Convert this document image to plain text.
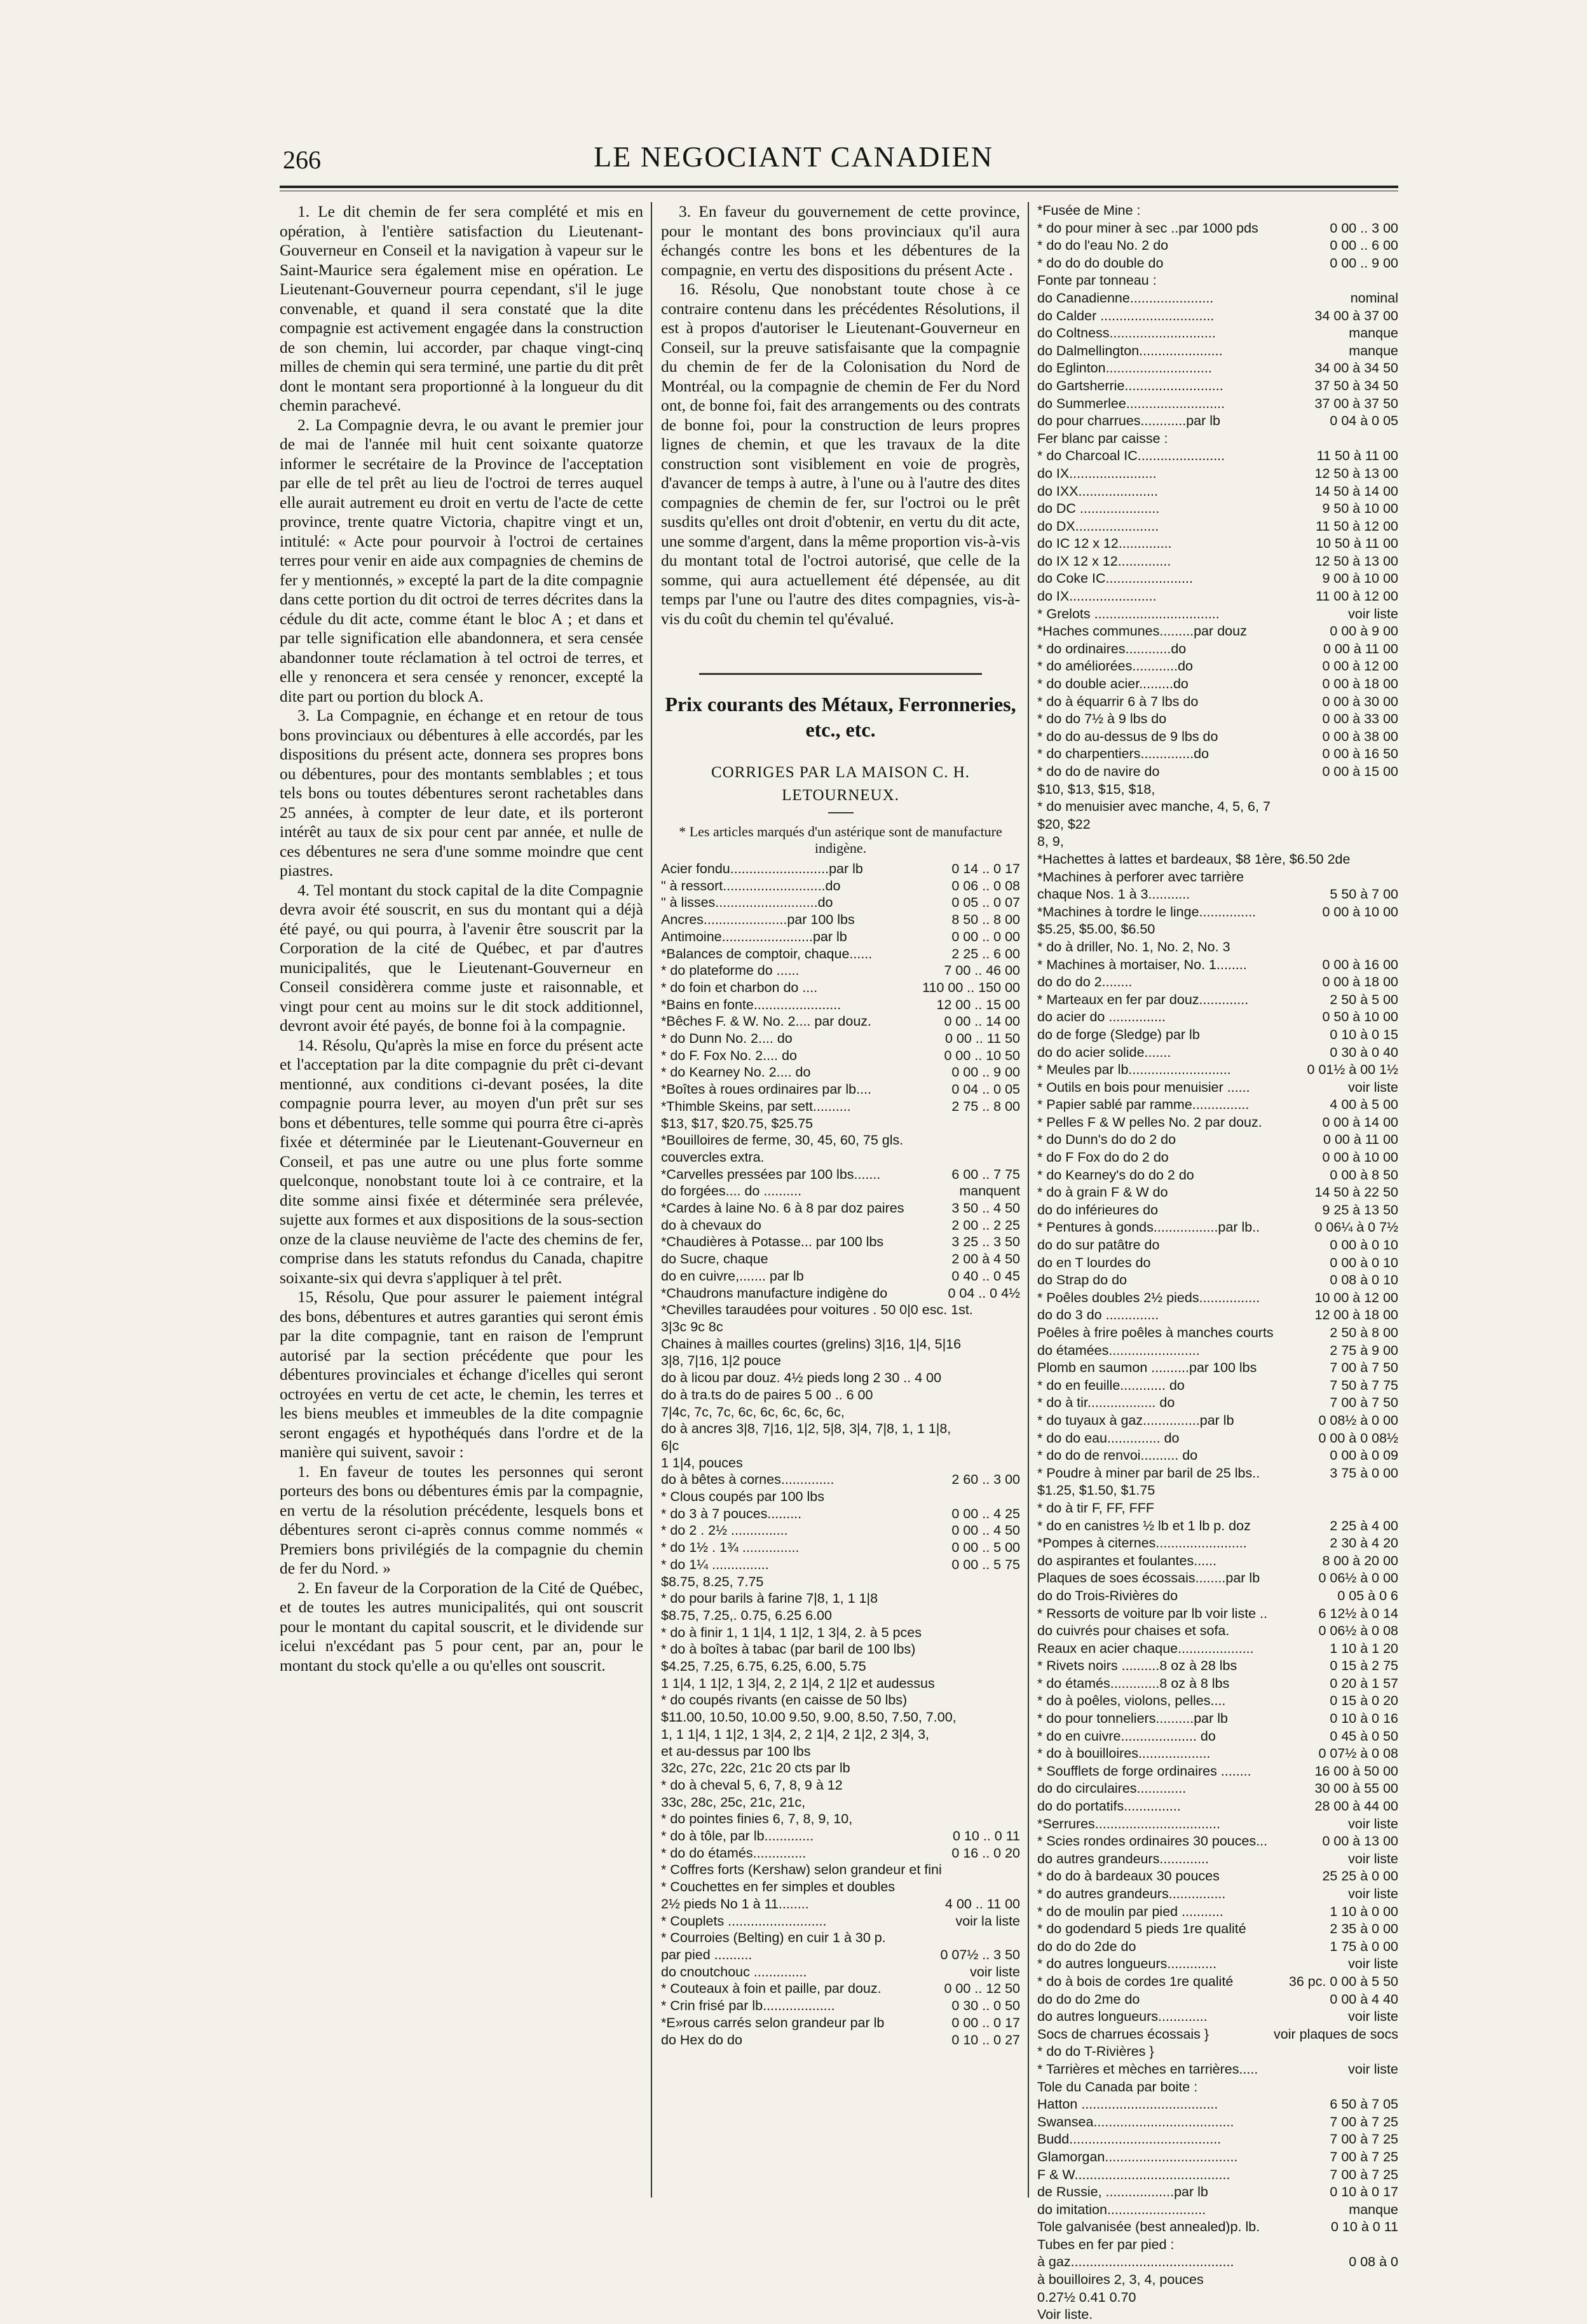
266	LE NEGOCIANT CANADIEN

1. Le dit chemin de fer sera complété et mis en opération, à l'entière satisfaction du Lieutenant-Gouverneur en Conseil et la navigation à vapeur sur le Saint-Maurice sera également mise en opération. Le Lieutenant-Gouverneur pourra cependant, s'il le juge convenable, et quand il sera constaté que la dite compagnie est activement engagée dans la construction de son chemin, lui accorder, par chaque vingt-cinq milles de chemin qui sera terminé, une partie du dit prêt dont le montant sera proportionné à la longueur du dit chemin parachevé.

2. La Compagnie devra, le ou avant le premier jour de mai de l'année mil huit cent soixante quatorze informer le secrétaire de la Province de l'acceptation par elle de tel prêt au lieu de l'octroi de terres auquel elle aurait autrement eu droit en vertu de l'acte de cette province, trente quatre Victoria, chapitre vingt et un, intitulé: « Acte pour pourvoir à l'octroi de certaines terres pour venir en aide aux compagnies de chemins de fer y mentionnés, » excepté la part de la dite compagnie dans cette portion du dit octroi de terres décrites dans la cédule du dit acte, comme étant le bloc A ; et dans et par telle signification elle abandonnera, et sera censée abandonner toute réclamation à tel octroi de terres, et elle y renoncera et sera censée y renoncer, excepté la dite part ou portion du block A.

3. La Compagnie, en échange et en retour de tous bons provinciaux ou débentures à elle accordés, par les dispositions du présent acte, donnera ses propres bons ou débentures, pour des montants semblables ; et tous tels bons ou toutes débentures seront rachetables dans 25 années, à compter de leur date, et ils porteront intérêt au taux de six pour cent par année, et nulle de ces débentures ne sera d'une somme moindre que cent piastres.

4. Tel montant du stock capital de la dite Compagnie devra avoir été souscrit, en sus du montant qui a déjà été payé, ou qui pourra, à l'avenir être souscrit par la Corporation de la cité de Québec, et par d'autres municipalités, que le Lieutenant-Gouverneur en Conseil considèrera comme juste et raisonnable, et vingt pour cent au moins sur le dit stock additionnel, devront avoir été payés, de bonne foi à la compagnie.

14. Résolu, Qu'après la mise en force du présent acte et l'acceptation par la dite compagnie du prêt ci-devant mentionné, aux conditions ci-devant posées, la dite compagnie pourra lever, au moyen d'un prêt sur ses bons et débentures, telle somme qui pourra être ci-après fixée et déterminée par le Lieutenant-Gouverneur en Conseil, et pas une autre ou une plus forte somme quelconque, nonobstant toute loi à ce contraire, et la dite somme ainsi fixée et déterminée sera prélevée, sujette aux formes et aux dispositions de la sous-section onze de la clause neuvième de l'acte des chemins de fer, comprise dans les statuts refondus du Canada, chapitre soixante-six qui devra s'appliquer à tel prêt.

15, Résolu, Que pour assurer le paiement intégral des bons, débentures et autres garanties qui seront émis par la dite compagnie, tant en raison de l'emprunt autorisé par la section précédente que pour les débentures provinciales et échange d'icelles qui seront octroyées en vertu de cet acte, le chemin, les terres et les biens meubles et immeubles de la dite compagnie seront engagés et hypothéqués dans l'ordre et de la manière qui suivent, savoir :

1. En faveur de toutes les personnes qui seront porteurs des bons ou débentures émis par la compagnie, en vertu de la résolution précédente, lesquels bons et débentures seront ci-après connus comme nommés « Premiers bons privilégiés de la compagnie du chemin de fer du Nord. »

2. En faveur de la Corporation de la Cité de Québec, et de toutes les autres municipalités, qui ont souscrit pour le montant du capital souscrit, et le dividende sur icelui n'excédant pas 5 pour cent, par an, pour le montant du stock qu'elle a ou qu'elles ont souscrit.

3. En faveur du gouvernement de cette province, pour le montant des bons provinciaux qu'il aura échangés contre les bons et les débentures de la compagnie, en vertu des dispositions du présent Acte .

16. Résolu, Que nonobstant toute chose à ce contraire contenu dans les précédentes Résolutions, il est à propos d'autoriser le Lieutenant-Gouverneur en Conseil, sur la preuve satisfaisante que la compagnie du chemin de fer de la Colonisation du Nord de Montréal, ou la compagnie de chemin de Fer du Nord ont, de bonne foi, fait des arrangements ou des contrats de bonne foi, pour la construction de leurs propres lignes de chemin, et que les travaux de la dite construction sont visiblement en voie de progrès, d'avancer de temps à autre, à l'une ou à l'autre des dites compagnies de chemin de fer, sur l'octroi ou le prêt susdits qu'elles ont droit d'obtenir, en vertu du dit acte, une somme d'argent, dans la même proportion vis-à-vis du montant total de l'octroi autorisé, que celle de la somme, qui aura actuellement été dépensée, au dit temps par l'une ou l'autre des dites compagnies, vis-à-vis du coût du chemin tel qu'évalué.

Prix courants des Métaux, Ferronneries, etc., etc.
CORRIGES PAR LA MAISON C. H. LETOURNEUX.
* Les articles marqués d'un astérique sont de manufacture indigène.
Acier fondu..........................par lb	0 14 .. 0 17
" à ressort...........................do	0 06 .. 0 08
" à lisses...........................do	0 05 .. 0 07
Ancres......................par 100 lbs	8 50 .. 8 00
Antimoine........................par lb	0 00 .. 0 00
*Balances de comptoir, chaque......	2 25 .. 6 00
* do plateforme do ......	7 00 .. 46 00
* do foin et charbon do ....	110 00 .. 150 00
*Bains en fonte.......................	12 00 .. 15 00
*Bêches F. & W. No. 2.... par douz.	0 00 .. 14 00
* do Dunn No. 2.... do	0 00 .. 11 50
* do F. Fox No. 2.... do	0 00 .. 10 50
* do Kearney No. 2.... do	0 00 .. 9 00
*Boîtes à roues ordinaires par lb....	0 04 .. 0 05
*Thimble Skeins, par sett..........	2 75 .. 8 00
$13, $17, $20.75, $25.75
*Bouilloires de ferme, 30, 45, 60, 75 gls.
couvercles extra.
*Carvelles pressées par 100 lbs.......	6 00 .. 7 75
do forgées.... do ..........	manquent
*Cardes à laine No. 6 à 8 par doz paires	3 50 .. 4 50
do à chevaux do	2 00 .. 2 25
*Chaudières à Potasse... par 100 lbs	3 25 .. 3 50
do Sucre, chaque	2 00 à 4 50
do en cuivre,....... par lb	0 40 .. 0 45
*Chaudrons manufacture indigène do	0 04 .. 0 4½
*Chevilles taraudées pour voitures . 50 0|0 esc. 1st.
3|3c 9c 8c
Chaines à mailles courtes (grelins) 3|16, 1|4, 5|16
3|8, 7|16, 1|2 pouce
do à licou par douz. 4½ pieds long 2 30 .. 4 00
do à tra.ts do de paires 5 00 .. 6 00
7|4c, 7c, 7c, 6c, 6c, 6c, 6c, 6c,
do à ancres 3|8, 7|16, 1|2, 5|8, 3|4, 7|8, 1, 1 1|8,
6|c
1 1|4, pouces
do à bêtes à cornes..............	2 60 .. 3 00
* Clous coupés par 100 lbs
* do 3 à 7 pouces.........	0 00 .. 4 25
* do 2 . 2½ ...............	0 00 .. 4 50
* do 1½ . 1¾ ...............	0 00 .. 5 00
* do 1¼ ...............	0 00 .. 5 75
$8.75, 8.25, 7.75
* do pour barils à farine 7|8, 1, 1 1|8
$8.75, 7.25,. 0.75, 6.25 6.00
* do à finir 1, 1 1|4, 1 1|2, 1 3|4, 2. à 5 pces
* do à boîtes à tabac (par baril de 100 lbs)
$4.25, 7.25, 6.75, 6.25, 6.00, 5.75
1 1|4, 1 1|2, 1 3|4, 2, 2 1|4, 2 1|2 et audessus
* do coupés rivants (en caisse de 50 lbs)
$11.00, 10.50, 10.00 9.50, 9.00, 8.50, 7.50, 7.00,
1, 1 1|4, 1 1|2, 1 3|4, 2, 2 1|4, 2 1|2, 2 3|4, 3,
et au-dessus par 100 lbs
32c, 27c, 22c, 21c 20 cts par lb
* do à cheval 5, 6, 7, 8, 9 à 12
33c, 28c, 25c, 21c, 21c,
* do pointes finies 6, 7, 8, 9, 10,
* do à tôle, par lb.............	0 10 .. 0 11
* do do étamés..............	0 16 .. 0 20
* Coffres forts (Kershaw) selon grandeur et fini
* Couchettes en fer simples et doubles
2½ pieds No 1 à 11........	4 00 .. 11 00
* Couplets ..........................	voir la liste
* Courroies (Belting) en cuir 1 à 30 p.
par pied ..........	0 07½ .. 3 50
do cnoutchouc ..............	voir liste
* Couteaux à foin et paille, par douz.	0 00 .. 12 50
* Crin frisé par lb...................	0 30 .. 0 50
*E»rous carrés selon grandeur par lb	0 00 .. 0 17
do Hex do do	0 10 .. 0 27
*Fusée de Mine :
* do pour miner à sec ..par 1000 pds	0 00 .. 3 00
* do do l'eau No. 2 do	0 00 .. 6 00
* do do do double do	0 00 .. 9 00
Fonte par tonneau :
do Canadienne......................	nominal
do Calder ..............................	34 00 à 37 00
do Coltness............................	manque
do Dalmellington......................	manque
do Eglinton............................	34 00 à 34 50
do Gartsherrie..........................	37 50 à 34 50
do Summerlee..........................	37 00 à 37 50
do pour charrues............par lb	0 04 à 0 05
Fer blanc par caisse :
* do Charcoal IC.......................	11 50 à 11 00
do IX.......................	12 50 à 13 00
do IXX.....................	14 50 à 14 00
do DC .....................	9 50 à 10 00
do DX......................	11 50 à 12 00
do IC 12 x 12..............	10 50 à 11 00
do IX 12 x 12..............	12 50 à 13 00
do Coke IC.......................	9 00 à 10 00
do IX.......................	11 00 à 12 00
* Grelots .................................	voir liste
*Haches communes.........par douz	0 00 à 9 00
* do ordinaires............do	0 00 à 11 00
* do améliorées............do	0 00 à 12 00
* do double acier.........do	0 00 à 18 00
* do à équarrir 6 à 7 lbs do	0 00 à 30 00
* do do 7½ à 9 lbs do	0 00 à 33 00
* do do au-dessus de 9 lbs do	0 00 à 38 00
* do charpentiers..............do	0 00 à 16 50
* do do de navire do	0 00 à 15 00
$10, $13, $15, $18,
* do menuisier avec manche, 4, 5, 6, 7
$20, $22
8, 9,
*Hachettes à lattes et bardeaux, $8 1ère, $6.50 2de
*Machines à perforer avec tarrière
chaque Nos. 1 à 3...........	5 50 à 7 00
*Machines à tordre le linge...............	0 00 à 10 00
$5.25, $5.00, $6.50
* do à driller, No. 1, No. 2, No. 3
* Machines à mortaiser, No. 1........	0 00 à 16 00
do do do 2........	0 00 à 18 00
* Marteaux en fer par douz.............	2 50 à 5 00
do acier do ...............	0 50 à 10 00
do de forge (Sledge) par lb	0 10 à 0 15
do do acier solide.......	0 30 à 0 40
* Meules par lb...........................	0 01½ à 00 1½
* Outils en bois pour menuisier ......	voir liste
* Papier sablé par ramme...............	4 00 à 5 00
* Pelles F & W pelles No. 2 par douz.	0 00 à 14 00
* do Dunn's do do 2 do	0 00 à 11 00
* do F Fox do do 2 do	0 00 à 10 00
* do Kearney's do do 2 do	0 00 à 8 50
* do à grain F & W do	14 50 à 22 50
do do inférieures do	9 25 à 13 50
* Pentures à gonds.................par lb..	0 06¼ à 0 7½
do do sur patâtre do	0 00 à 0 10
do en T lourdes do	0 00 à 0 10
do Strap do do	0 08 à 0 10
* Poêles doubles 2½ pieds................	10 00 à 12 00
do do 3 do ..............	12 00 à 18 00
Poêles à frire poêles à manches courts	2 50 à 8 00
do étamées........................	2 75 à 9 00
Plomb en saumon ..........par 100 lbs	7 00 à 7 50
* do en feuille............ do	7 50 à 7 75
* do à tir.................. do	7 00 à 7 50
* do tuyaux à gaz...............par lb	0 08½ à 0 00
* do do eau.............. do	0 00 à 0 08½
* do do de renvoi.......... do	0 00 à 0 09
* Poudre à miner par baril de 25 lbs..	3 75 à 0 00
$1.25, $1.50, $1.75
* do à tir F, FF, FFF
* do en canistres ½ lb et 1 lb p. doz	2 25 à 4 00
*Pompes à citernes........................	2 30 à 4 20
do aspirantes et foulantes......	8 00 à 20 00
Plaques de soes écossais........par lb	0 06½ à 0 00
do do Trois-Rivières do	0 05 à 0 6
* Ressorts de voiture par lb voir liste ..	6 12½ à 0 14
do cuivrés pour chaises et sofa.	0 06½ à 0 08
Reaux en acier chaque....................	1 10 à 1 20
* Rivets noirs ..........8 oz à 28 lbs	0 15 à 2 75
* do étamés.............8 oz à 8 lbs	0 20 à 1 57
* do à poêles, violons, pelles....	0 15 à 0 20
* do pour tonneliers..........par lb	0 10 à 0 16
* do en cuivre.................... do	0 45 à 0 50
* do à bouilloires...................	0 07½ à 0 08
* Soufflets de forge ordinaires ........	16 00 à 50 00
do do circulaires.............	30 00 à 55 00
do do portatifs...............	28 00 à 44 00
*Serrures.................................	voir liste
* Scies rondes ordinaires 30 pouces...	0 00 à 13 00
do autres grandeurs.............	voir liste
* do do à bardeaux 30 pouces	25 25 à 0 00
* do autres grandeurs...............	voir liste
* do de moulin par pied ...........	1 10 à 0 00
* do godendard 5 pieds 1re qualité	2 35 à 0 00
do do do 2de do	1 75 à 0 00
* do autres longueurs.............	voir liste
* do à bois de cordes 1re qualité	36 pc. 0 00 à 5 50
do do do 2me do	0 00 à 4 40
do autres longueurs.............	voir liste
Socs de charrues écossais }	voir plaques de socs
* do do T-Rivières }
* Tarrières et mèches en tarrières.....	voir liste
Tole du Canada par boite :
Hatton ....................................	6 50 à 7 05
Swansea.....................................	7 00 à 7 25
Budd........................................	7 00 à 7 25
Glamorgan...................................	7 00 à 7 25
F & W.........................................	7 00 à 7 25
de Russie, ..................par lb	0 10 à 0 17
do imitation..........................	manque
Tole galvanisée (best annealed)p. lb.	0 10 à 0 11
Tubes en fer par pied :
à gaz...........................................	0 08 à 0
à bouilloires 2, 3, 4, pouces
0.27½ 0.41 0.70
Voir liste.
